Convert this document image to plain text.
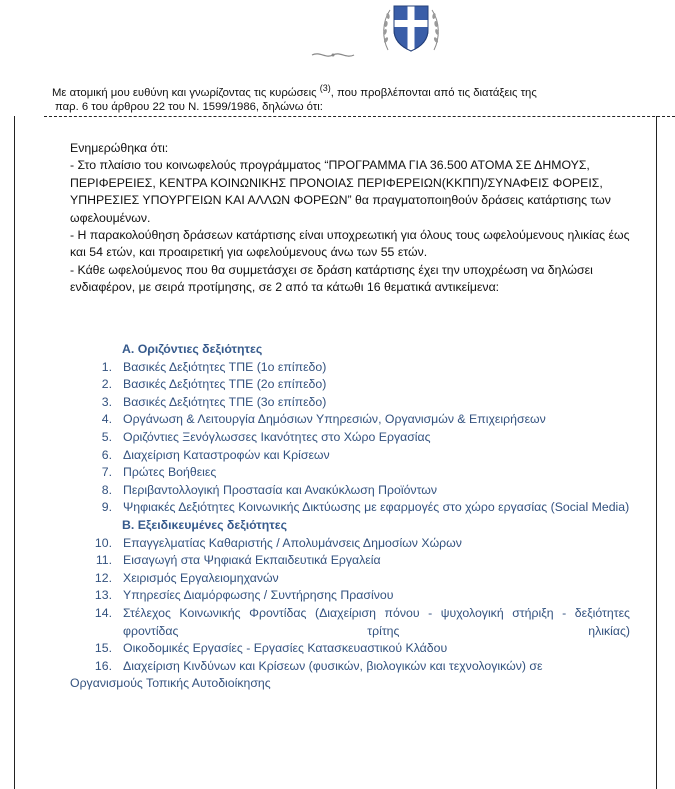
Με ατομική μου ευθύνη και γνωρίζοντας τις κυρώσεις $^{(3)}$, που προβλέπονται από τις διατάξεις της
παρ. 6 του άρθρου 22 του Ν. 1599/1986, δηλώνω ότι:

Ενημερώθηκα ότι:

- Στο πλαίσιο του κοινωφελούς προγράμματος “ΠΡΟΓΡΑΜΜΑ ΓΙΑ 36.500 ΑΤΟΜΑ ΣΕ ΔΗΜΟΥΣ, ΠΕΡΙΦΕΡΕΙΕΣ, ΚΕΝΤΡΑ ΚΟΙΝΩΝΙΚΗΣ ΠΡΟΝΟΙΑΣ ΠΕΡΙΦΕΡΕΙΩΝ(ΚΚΠΠ)/ΣΥΝΑΦΕΙΣ ΦΟΡΕΙΣ, ΥΠΗΡΕΣΙΕΣ ΥΠΟΥΡΓΕΙΩΝ ΚΑΙ ΑΛΛΩΝ ΦΟΡΕΩΝ” θα πραγματοποιηθούν δράσεις κατάρτισης των ωφελουμένων.

- Η παρακολούθηση δράσεων κατάρτισης είναι υποχρεωτική για όλους τους ωφελούμενους ηλικίας έως και 54 ετών, και προαιρετική για ωφελούμενους άνω των 55 ετών.

- Κάθε ωφελούμενος που θα συμμετάσχει σε δράση κατάρτισης έχει την υποχρέωση να δηλώσει ενδιαφέρον, με σειρά προτίμησης, σε 2 από τα κάτωθι 16 θεματικά αντικείμενα:

Α. Οριζόντιες δεξιότητες
1. Βασικές Δεξιότητες ΤΠΕ (1ο επίπεδο)
2. Βασικές Δεξιότητες ΤΠΕ (2ο επίπεδο)
3. Βασικές Δεξιότητες ΤΠΕ (3ο επίπεδο)
4. Οργάνωση & Λειτουργία Δημόσιων Υπηρεσιών, Οργανισμών & Επιχειρήσεων
5. Οριζόντιες Ξενόγλωσσες Ικανότητες στο Χώρο Εργασίας
6. Διαχείριση Καταστροφών και Κρίσεων
7. Πρώτες Βοήθειες
8. Περιβαντολλογική Προστασία και Ανακύκλωση Προϊόντων
9. Ψηφιακές Δεξιότητες Κοινωνικής Δικτύωσης με εφαρμογές στο χώρο εργασίας (Social Media)
Β. Εξειδικευμένες δεξιότητες
10. Επαγγελματίας Καθαριστής / Απολυμάνσεις Δημοσίων Χώρων
11. Εισαγωγή στα Ψηφιακά Εκπαιδευτικά Εργαλεία
12. Χειρισμός Εργαλειομηχανών
13. Υπηρεσίες Διαμόρφωσης / Συντήρησης Πρασίνου
14. Στέλεχος Κοινωνικής Φροντίδας (Διαχείριση πόνου - ψυχολογική στήριξη - δεξιότητες φροντίδας τρίτης ηλικίας)
15. Οικοδομικές Εργασίες - Εργασίες Κατασκευαστικού Κλάδου
16. Διαχείριση Κινδύνων και Κρίσεων (φυσικών, βιολογικών και τεχνολογικών) σε
Οργανισμούς Τοπικής Αυτοδιοίκησης
